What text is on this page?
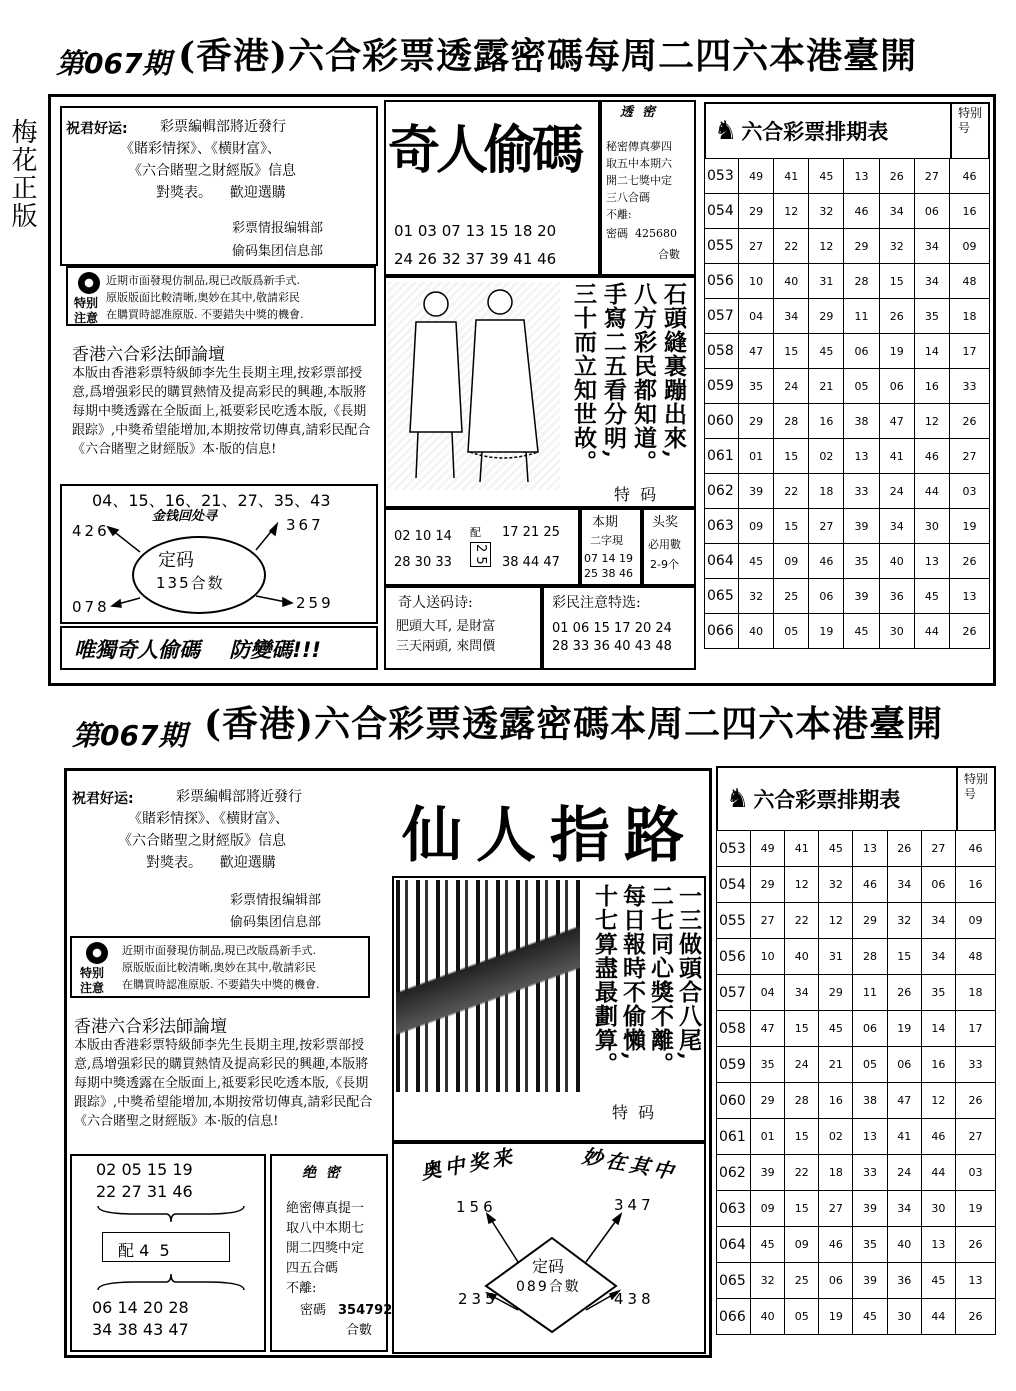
梅花正版
第067期 (香港)六合彩票透露密碼每周二四六本港臺開
祝君好运: 彩票編輯部將近發行
《賭彩情探》、《横財富》、
《六合賭聖之財經版》信息
對獎表。    歡迎選購
彩票情报编辑部
偷码集团信息部
特别
注意
近期市面發現仿制品,現已改版爲新手式.
原版版面比較清晰,奥妙在其中,敬請彩民
在購買時認准原版. 不要錯失中獎的機會.
香港六合彩法師論壇
本版由香港彩票特級師李先生長期主理,按彩票部授意,爲增强彩民的購買熱情及提高彩民的興趣,本版將每期中獎透露在全版面上,祗要彩民吃透本版,《長期跟踪》,中獎希望能增加,本期按常切傳真,請彩民配合《六合賭聖之財經版》本·版的信息!
04、15、16、21、27、35、43
金钱回处寻
426	367
078	259
定码
135合数
唯獨奇人偷碼    防變碼!!!
奇人偷碼
01 03 07 13 15 18 20
24 26 32 37 39 41 46
透  密
秘密傳真夢四
取五中本期六
開二七獎中定
三八合碼
不離:
密碼  425680
合數
石頭縫裏蹦出來,
八方彩民都知道。
手寫二五看分明,
三十而立知世故。
特  码
02 10 14
28 30 33
配
2 5
17 21 25
38 44 47
本期
二字現
07 14 19
25 38 46
头奖
必用數
2-9个
奇人送码诗:
肥頭大耳, 是財富
三天兩頭, 來問價
彩民注意特选:
01 06 15 17 20 24
28 33 36 40 43 48
♞ 六合彩票排期表
特别号
053	49	41	45	13	26	27	46
054	29	12	32	46	34	06	16
055	27	22	12	29	32	34	09
056	10	40	31	28	15	34	48
057	04	34	29	11	26	35	18
058	47	15	45	06	19	14	17
059	35	24	21	05	06	16	33
060	29	28	16	38	47	12	26
061	01	15	02	13	41	46	27
062	39	22	18	33	24	44	03
063	09	15	27	39	34	30	19
064	45	09	46	35	40	13	26
065	32	25	06	39	36	45	13
066	40	05	19	45	30	44	26
第067期 (香港)六合彩票透露密碼本周二四六本港臺開
祝君好运:	彩票編輯部將近發行
《賭彩情探》、《横財富》、
《六合賭聖之財經版》信息
對獎表。    歡迎選購
彩票情报编辑部
偷码集团信息部
特别
注意
近期市面發現仿制品,現已改版爲新手式.
原版版面比較清晰,奥妙在其中,敬請彩民
在購買時認准原版. 不要錯失中獎的機會.
香港六合彩法師論壇
本版由香港彩票特級師李先生長期主理,按彩票部授意,爲增强彩民的購買熱情及提高彩民的興趣,本版將每期中獎透露在全版面上,祗要彩民吃透本版,《長期跟踪》,中獎希望能增加,本期按常切傳真,請彩民配合《六合賭聖之財經版》本·版的信息!
02 05 15 19
22 27 31 46
配 4  5
06 14 20 28
34 38 43 47
绝  密
絶密傳真提一
取八中本期七
開二四獎中定
四五合碼
不離:
密碼 354792
合數
仙人指路
一三做頭合八尾,
二七同心獎不離。
每日報時不偷懶,
十七算盡最劃算。
特  码
奥中奖来	妙在其中
156	347
235	438
定码
089合數
♞ 六合彩票排期表
特别号
053	49	41	45	13	26	27	46
054	29	12	32	46	34	06	16
055	27	22	12	29	32	34	09
056	10	40	31	28	15	34	48
057	04	34	29	11	26	35	18
058	47	15	45	06	19	14	17
059	35	24	21	05	06	16	33
060	29	28	16	38	47	12	26
061	01	15	02	13	41	46	27
062	39	22	18	33	24	44	03
063	09	15	27	39	34	30	19
064	45	09	46	35	40	13	26
065	32	25	06	39	36	45	13
066	40	05	19	45	30	44	26
